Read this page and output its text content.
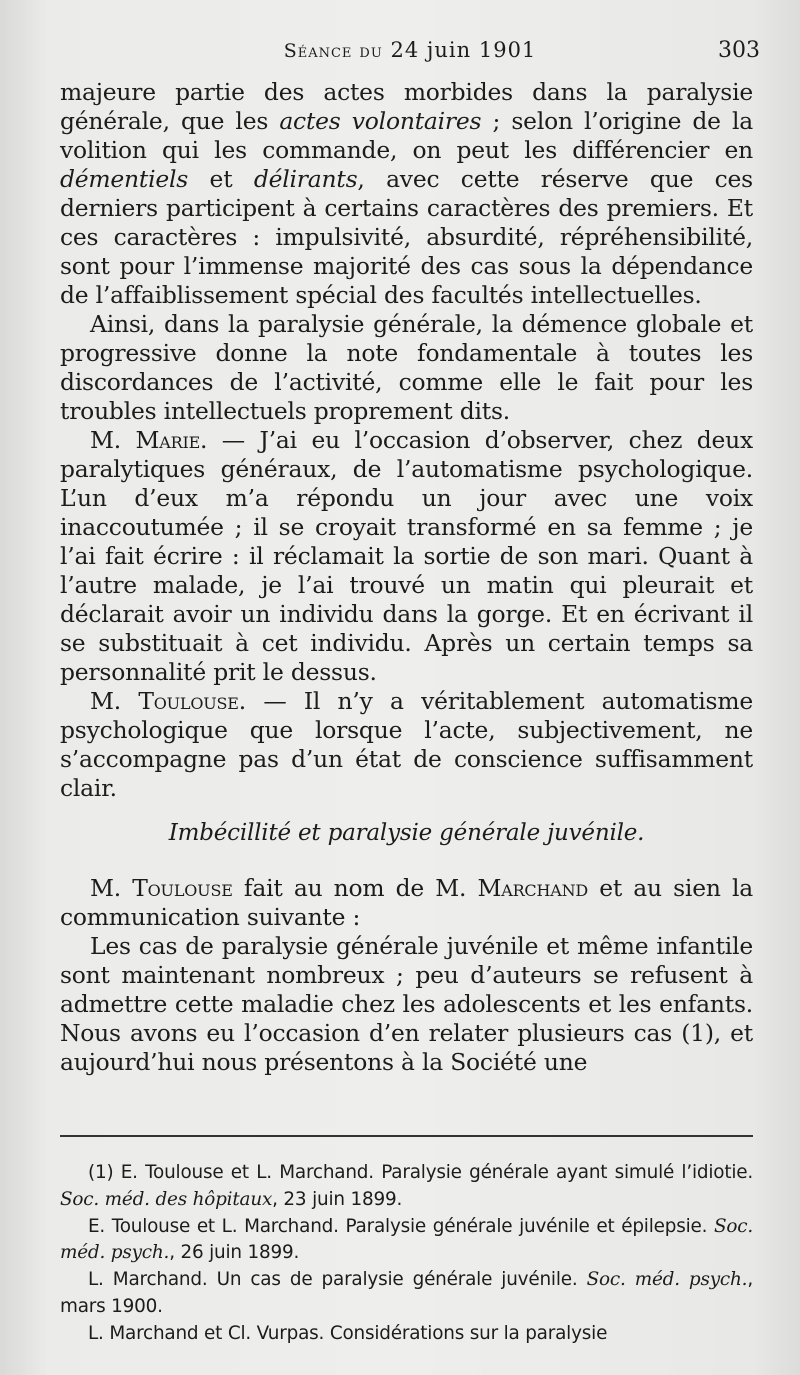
Séance du 24 juin 1901	303

majeure partie des actes morbides dans la paralysie générale, que les actes volontaires ; selon l’origine de la volition qui les commande, on peut les différencier en démentiels et délirants, avec cette réserve que ces derniers participent à certains caractères des premiers. Et ces caractères : impulsivité, absurdité, répréhensibilité, sont pour l’immense majorité des cas sous la dépendance de l’affaiblissement spécial des facultés intellectuelles.

Ainsi, dans la paralysie générale, la démence globale et progressive donne la note fondamentale à toutes les discordances de l’activité, comme elle le fait pour les troubles intellectuels proprement dits.

M. Marie. — J’ai eu l’occasion d’observer, chez deux paralytiques généraux, de l’automatisme psychologique. L’un d’eux m’a répondu un jour avec une voix inaccoutumée ; il se croyait transformé en sa femme ; je l’ai fait écrire : il réclamait la sortie de son mari. Quant à l’autre malade, je l’ai trouvé un matin qui pleurait et déclarait avoir un individu dans la gorge. Et en écrivant il se substituait à cet individu. Après un certain temps sa personnalité prit le dessus.

M. Toulouse. — Il n’y a véritablement automatisme psychologique que lorsque l’acte, subjectivement, ne s’accompagne pas d’un état de conscience suffisamment clair.

Imbécillité et paralysie générale juvénile.

M. Toulouse fait au nom de M. Marchand et au sien la communication suivante :

Les cas de paralysie générale juvénile et même infantile sont maintenant nombreux ; peu d’auteurs se refusent à admettre cette maladie chez les adolescents et les enfants. Nous avons eu l’occasion d’en relater plusieurs cas (1), et aujourd’hui nous présentons à la Société une

(1) E. Toulouse et L. Marchand. Paralysie générale ayant simulé l’idiotie. Soc. méd. des hôpitaux, 23 juin 1899.

E. Toulouse et L. Marchand. Paralysie générale juvénile et épilepsie. Soc. méd. psych., 26 juin 1899.

L. Marchand. Un cas de paralysie générale juvénile. Soc. méd. psych., mars 1900.

L. Marchand et Cl. Vurpas. Considérations sur la paralysie
